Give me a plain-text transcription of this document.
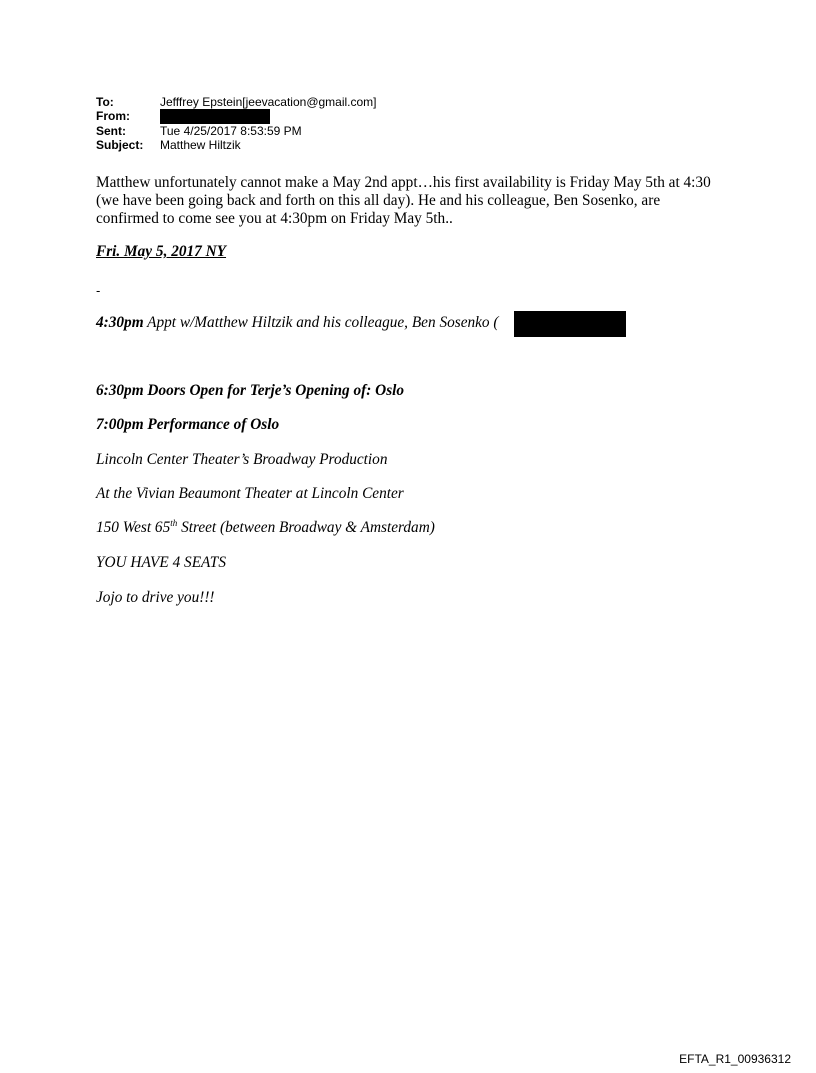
To:	Jefffrey Epstein[jeevacation@gmail.com]
From:
Sent:	Tue 4/25/2017 8:53:59 PM
Subject:	Matthew Hiltzik
Matthew unfortunately cannot make a May 2nd appt…his first availability is Friday May 5th at 4:30 (we have been going back and forth on this all day). He and his colleague, Ben Sosenko, are confirmed to come see you at 4:30pm on Friday May 5th..
Fri. May 5, 2017 NY
-
4:30pm Appt w/Matthew Hiltzik and his colleague, Ben Sosenko (
6:30pm Doors Open for Terje’s Opening of: Oslo
7:00pm Performance of Oslo
Lincoln Center Theater’s Broadway Production
At the Vivian Beaumont Theater at Lincoln Center
150 West 65th Street (between Broadway & Amsterdam)
YOU HAVE 4 SEATS
Jojo to drive you!!!
EFTA_R1_00936312
